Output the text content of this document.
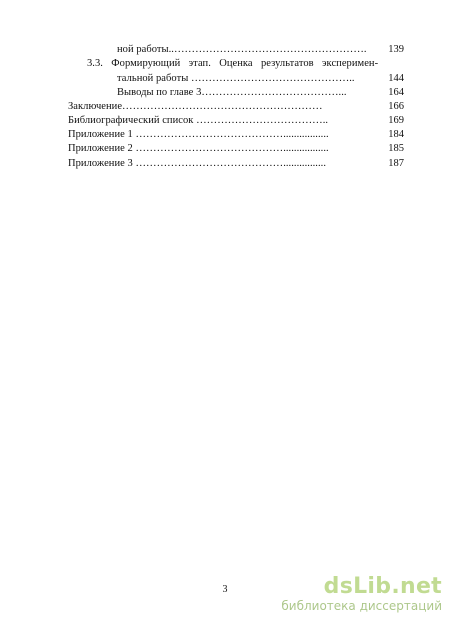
ной работы..……………………………………………….	139
3.3.  Формирующий  этап.  Оценка  результатов  эксперимен-
тальной работы ………………………………………..	144
Выводы по главе 3…………………………………...	164
Заключение…………………………………………………	166
Библиографический список ………………………………..	169
Приложение 1 …………………………………….................	184
Приложение 2 …………………………………….................	185
Приложение 3 ……………………………………................	187
3	dsLib.net
библиотека диссертаций
